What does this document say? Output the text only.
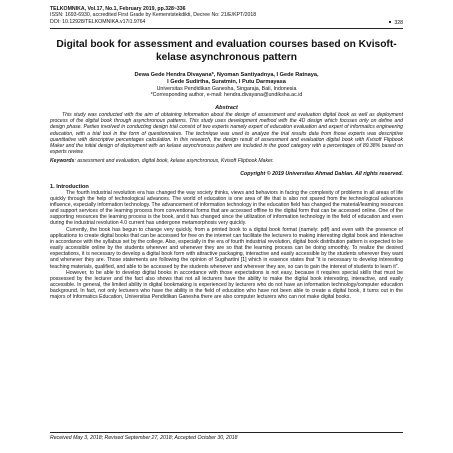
TELKOMNIKA, Vol.17, No.1, February 2019, pp.328~336
ISSN: 1693-6930, accredited First Grade by Kemenristekdikti, Decree No: 21/E/KPT/2018
DOI: 10.12928/TELKOMNIKA.v17i1.9764
■	328
Digital book for assessment and evaluation courses based on Kvisoft-kelase asynchronous pattern
Dewa Gede Hendra Divayana*, Nyoman Santiyadnya, I Gede Ratnaya,
I Gede Sudirtha, Suratmin, I Putu Darmayasa
Universitas Pendidikan Ganesha, Singaraja, Bali, Indonesia
*Corresponding author, e-mail: hendra.divayana@undiksha.ac.id
Abstract

This study was conducted with the aim of obtaining information about the design of assessment and evaluation digital book as well as deployment process of the digital book through asynchronous patterns. This study uses development method with the 4D design which focuses only on define and design phase. Parties involved in conducting design trial consist of two experts namely expert of education evaluation and expert of informatics engineering education, with a trial tool in the form of questionnaires. The technique was used to analyze the trial results data from those experts was descriptive quantitative with descriptive percentages calculation. In this research, the design result of assessment and evaluation digital book with Kvisoft Flipbook Maker and the initial design of deployment with an kelase asynchronous pattern are included in the good category with a percentages of 89.38% based on experts review.

Keywords: assessment and evaluation, digital book, kelase asynchronous, Kvisoft Flipbook Maker.
Copyright © 2019 Universitas Ahmad Dahlan. All rights reserved.
1. Introduction

The fourth industrial revolution era has changed the way society thinks, views and behaviors in facing the complexity of problems in all areas of life quickly through the help of technological advances. The world of education is one area of life that is also not spared from the technological advances influence, especially information technology. The advancement of information technology in the education field has changed the material/learning resources and support services of the learning process from conventional forms that are accessed offline to the digital form that can be accessed online. One of the supporting resources the learning process is the book, and it has changed since the utilization of information technology in the field of education and even during the industrial revolution 4.0 current has undergone metamorphosis very quickly.

Currently, the book has begun to change very quickly, from a printed book to a digital book format (namely: pdf) and even with the presence of applications to create digital books that can be accessed for free on the internet can facilitate the lecturers to making interesting digital book and interactive in accordance with the syllabus set by the college. Also, especially in the era of fourth industrial revolution, digital book distribution pattern is expected to be easily accessible online by the students wherever and whenever they are so that the learning process can be doing smoothly. To realize the desired expectations, it is necessary to develop a digital book form with attractive packaging, interactive and easily accessible by the students wherever they want and whenever they are. Those statements are following the opinion of Sugihartini [1] which in essence states that “it is necessary to develop interesting teaching materials, qualified, and able to be accessed by the students whenever and wherever they are, so can to gain the interest of students to learn it”.

However, to be able to develop digital books in accordance with those expectations is not easy, because it requires special skills that must be possessed by the lecturer and the fact also shows that not all lecturers have the ability to make the digital book interesting, interactive, and easily accessible. In general, the limited ability in digital bookmaking is experienced by lecturers who do not have an information technology/computer education background. In fact, not only lecturers who have the ability in the field of education who have not been able to create a digital book, it turns out in the majors of Informatics Education, Universitas Pendidikan Ganesha there are also computer lecturers who can not make digital books.

Received May 3, 2018; Revised September 27, 2018; Accepted October 30, 2018
